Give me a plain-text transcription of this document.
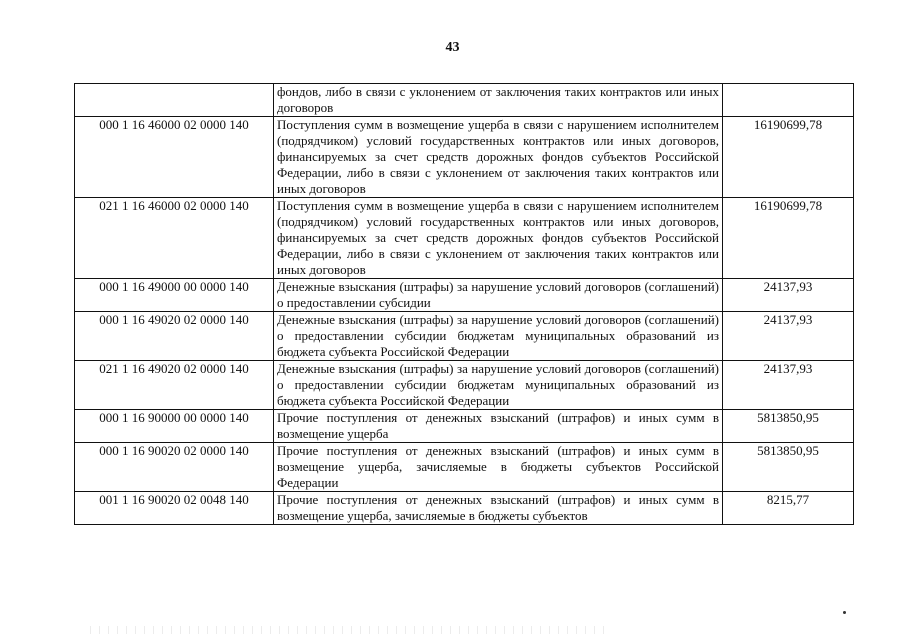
43
	фондов, либо в связи с уклонением от заключения таких контрактов или иных договоров	
000 1 16 46000 02 0000 140	Поступления сумм в возмещение ущерба в связи с нарушением исполнителем (подрядчиком) условий государственных контрактов или иных договоров, финансируемых за счет средств дорожных фондов субъектов Российской Федерации, либо в связи с уклонением от заключения таких контрактов или иных договоров	16190699,78
021 1 16 46000 02 0000 140	Поступления сумм в возмещение ущерба в связи с нарушением исполнителем (подрядчиком) условий государственных контрактов или иных договоров, финансируемых за счет средств дорожных фондов субъектов Российской Федерации, либо в связи с уклонением от заключения таких контрактов или иных договоров	16190699,78
000 1 16 49000 00 0000 140	Денежные взыскания (штрафы) за нарушение условий договоров (соглашений) о предоставлении субсидии	24137,93
000 1 16 49020 02 0000 140	Денежные взыскания (штрафы) за нарушение условий договоров (соглашений) о предоставлении субсидии бюджетам муниципальных образований из бюджета субъекта Российской Федерации	24137,93
021 1 16 49020 02 0000 140	Денежные взыскания (штрафы) за нарушение условий договоров (соглашений) о предоставлении субсидии бюджетам муниципальных образований из бюджета субъекта Российской Федерации	24137,93
000 1 16 90000 00 0000 140	Прочие поступления от денежных взысканий (штрафов) и иных сумм в возмещение ущерба	5813850,95
000 1 16 90020 02 0000 140	Прочие поступления от денежных взысканий (штрафов) и иных сумм в возмещение ущерба, зачисляемые в бюджеты субъектов Российской Федерации	5813850,95
001 1 16 90020 02 0048 140	Прочие поступления от денежных взысканий (штрафов) и иных сумм в возмещение ущерба, зачисляемые в бюджеты субъектов	8215,77
